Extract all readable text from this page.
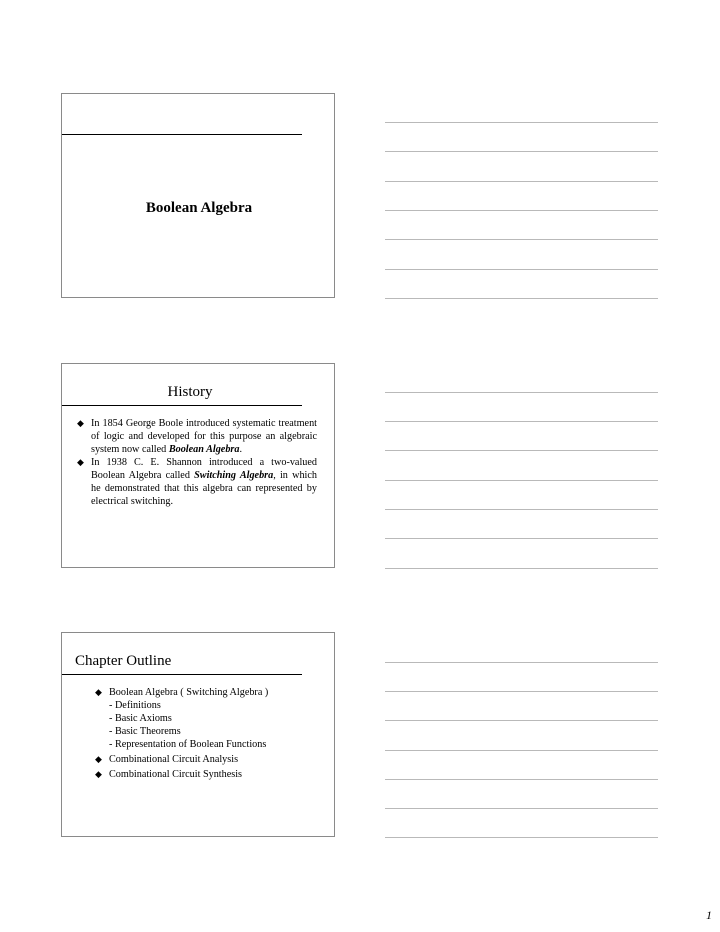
Boolean Algebra
History
◆ In 1854 George Boole introduced systematic treatment of logic and developed for this purpose an algebraic system now called Boolean Algebra.
◆ In 1938 C. E. Shannon introduced a two-valued Boolean Algebra called Switching Algebra, in which he demonstrated that this algebra can represented by electrical switching.
Chapter Outline
◆ Boolean Algebra ( Switching Algebra )
- Definitions
- Basic Axioms
- Basic Theorems
- Representation of Boolean Functions
◆ Combinational Circuit Analysis
◆ Combinational Circuit Synthesis
1
